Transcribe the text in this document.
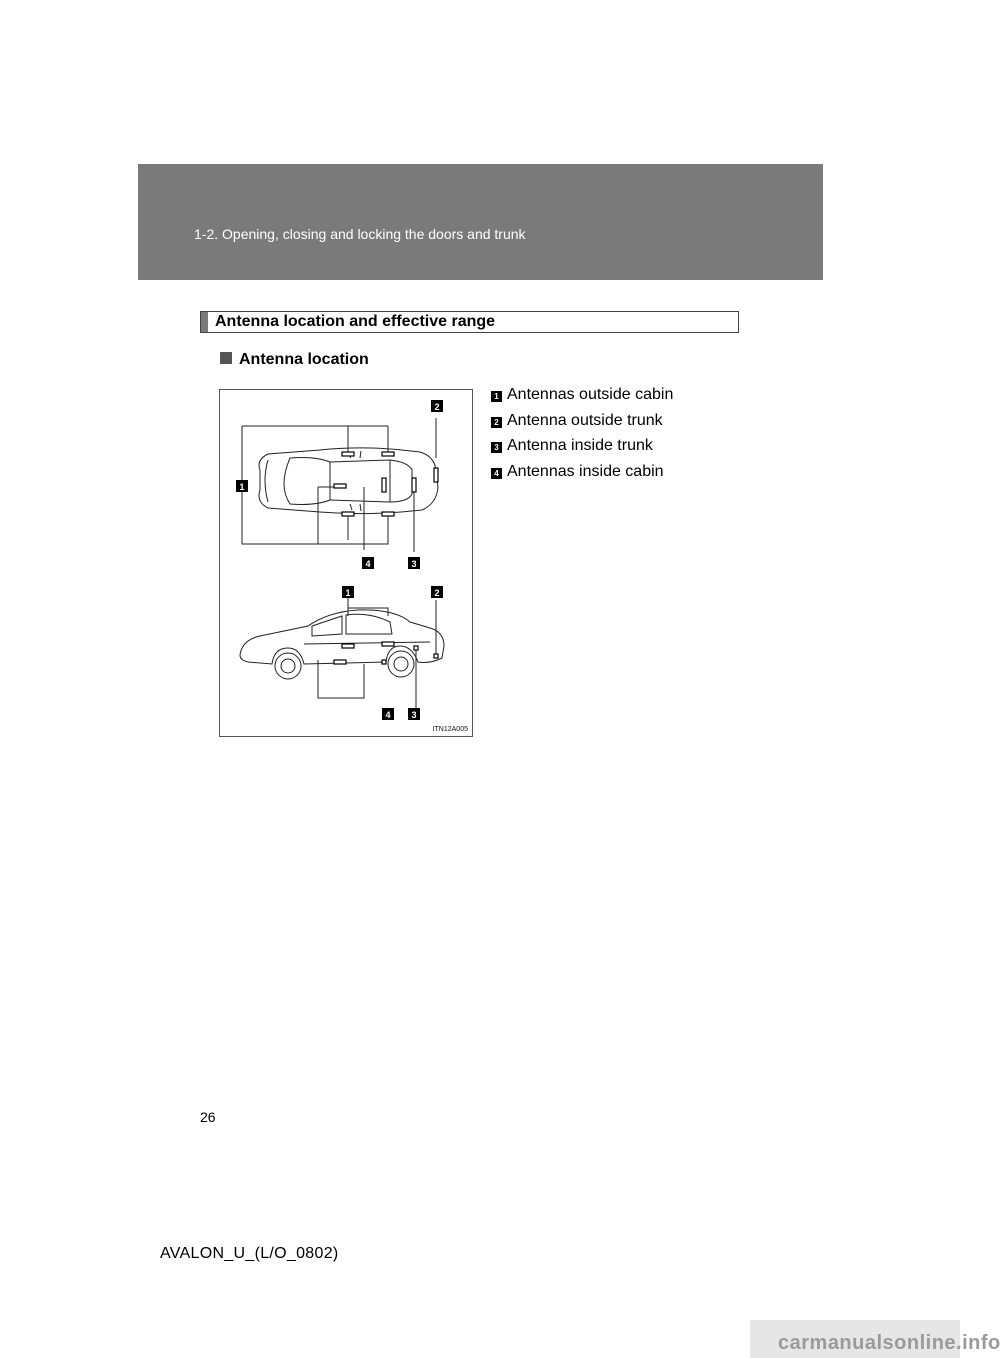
1-2. Opening, closing and locking the doors and trunk
Antenna location and effective range
Antenna location
2
1
4	3
1	2
4 3
ITN12A005
1 Antennas outside cabin
2 Antenna outside trunk
3 Antenna inside trunk
4 Antennas inside cabin
26
AVALON_U_(L/O_0802)
carmanualsonline.info
